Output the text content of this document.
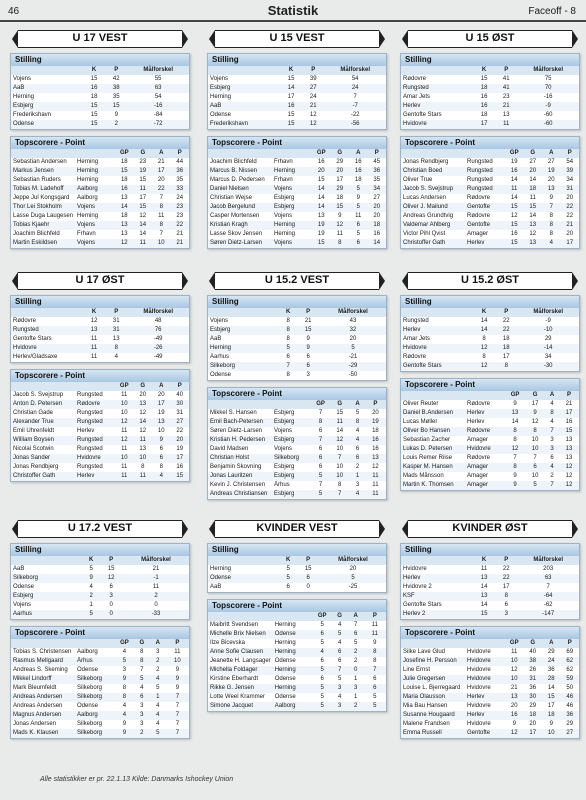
46	Statistik	Faceoff - 8
U 17 VEST
Stilling
	K	P	Målforskel
Vojens	15	42	55
AaB	16	38	63
Herning	18	35	54
Esbjerg	15	15	-16
Frederikshavn	15	9	-84
Odense	15	2	-72
Topscorere - Point
		GP	G	A	P
Sebastian Andersen	Herning	18	23	21	44
Markus Jensen	Herning	15	19	17	36
Sebastian Ruders	Herning	18	15	20	35
Tobias M. Ladehoff	Aalborg	16	11	22	33
Jeppe Jul Kongsgard	Aalborg	13	17	7	24
Thor Lei Stokholm	Vojens	14	15	8	23
Lasse Duga Laugesen	Herning	18	12	11	23
Tobias Kjaehr	Vojens	13	14	8	22
Joachim Blichfeld	Frhavn	13	14	7	21
Martin Eskildsen	Vojens	12	11	10	21
U 17 ØST
Stilling
	K	P	Målforskel
Rødovre	12	31	48
Rungsted	13	31	76
Gentofte Stars	11	13	-49
Hvidovre	11	8	-26
Herlev/Gladsaxe	11	4	-49
Topscorere - Point
		GP	G	A	P
Jacob S. Svejstrup	Rungsted	11	20	20	40
Anton D. Petersen	Rødovre	10	13	17	30
Christian Gade	Rungsted	10	12	19	31
Alexander True	Rungsted	12	14	13	27
Emil Uhrenfeldt	Herlev	11	12	10	22
William Boysen	Rungsted	12	11	9	20
Nicolai Scotwin	Rungsted	11	13	6	19
Jonas Sander	Hvidovre	10	10	6	17
Jonas Rendbjerg	Rungsted	11	8	8	16
Christoffer Gath	Herlev	11	11	4	15
U 17.2 VEST
Stilling
	K	P	Målforskel
AaB	5	15	21
Silkeborg	9	12	-1
Odense	4	6	11
Esbjerg	2	3	2
Vojens	1	0	0
Aarhus	5	0	-33
Topscorere - Point
		GP	G	A	P
Tobias S. Christensen	Aalborg	4	8	3	11
Rasmus Mellgaard	Århus	5	8	2	10
Andreas S. Skeming	Odense	3	7	2	9
Mikkel Lindorff	Silkeborg	9	5	4	9
Mark Bleumfeldt	Silkeborg	8	4	5	9
Andreas Andersen	Silkeborg	8	6	1	7
Andreas Andersen	Odense	4	3	4	7
Magnus Andersen	Aalborg	4	3	4	7
Jonas Andersen	Silkeborg	9	3	4	7
Mads K. Klausen	Silkeborg	9	2	5	7
U 15 VEST
Stilling
	K	P	Målforskel
Vojens	15	39	54
Esbjerg	14	27	24
Herning	17	24	7
AaB	16	21	-7
Odense	15	12	-22
Frederikshavn	15	12	-56
Topscorere - Point
		GP	G	A	P
Joachim Blichfeld	Frhavn	16	29	16	45
Marcus B. Nissen	Herning	20	20	16	36
Marcus D. Pedersen	Frhavn	15	17	18	35
Daniel Nielsen	Vojens	14	29	5	34
Christian Wejse	Esbjerg	14	18	9	27
Jacob Bergelund	Esbjerg	14	15	5	20
Casper Mortensen	Vojens	13	9	11	20
Kristian Kragh	Herning	19	12	6	18
Lasse Skov Jensen	Herning	19	11	5	16
Søren Dietz-Larsen	Vojens	15	8	6	14
U 15.2 VEST
Stilling
	K	P	Målforskel
Vojens	8	21	43
Esbjerg	8	15	32
AaB	8	9	20
Herning	5	9	5
Aarhus	6	6	-21
Silkeborg	7	6	-29
Odense	8	3	-50
Topscorere - Point
		GP	G	A	P
Mikkel S. Hansen	Esbjerg	7	15	5	20
Emil Bach-Petersen	Esbjerg	8	11	8	19
Søren Dietz-Larsen	Vojens	6	14	4	18
Kristian H. Pedersen	Esbjerg	7	12	4	16
David Madsen	Vojens	6	10	6	16
Christian Holst	Silkeborg	6	7	6	13
Benjamin Skovning	Esbjerg	6	10	2	12
Jonas Lauritzen	Esbjerg	5	10	1	11
Kevin J. Christensen	Århus	7	8	3	11
Andreas Christiansen	Esbjerg	5	7	4	11
KVINDER VEST
Stilling
	K	P	Målforskel
Herning	5	15	20
Odense	5	6	5
AaB	6	0	-25
Topscorere - Point
		GP	G	A	P
Maibritt Svendsen	Herning	5	4	7	11
Michelle Brix Nielsen	Odense	6	5	6	11
Ilze Bicevska	Herning	5	4	5	9
Anne Sofie Clausen	Herning	4	6	2	8
Jeanette H. Langsager	Odense	6	6	2	8
Michella Foldager	Herning	5	7	0	7
Kirstine Eberhardt	Odense	6	5	1	6
Rikke G. Jensen	Herning	5	3	3	6
Lotte Weel Krammer	Odense	5	4	1	5
Simone Jacquet	Aalborg	5	3	2	5
U 15 ØST
Stilling
	K	P	Målforskel
Rødovre	15	41	75
Rungsted	18	41	70
Amar Jets	16	23	-16
Herlev	16	21	-9
Gentofte Stars	18	13	-60
Hvidovre	17	11	-60
Topscorere - Point
		GP	G	A	P
Jonas Rendbjerg	Rungsted	19	27	27	54
Christian Boed	Rungsted	16	20	19	39
Oliver True	Rungsted	14	14	20	34
Jacob S. Svejstrup	Rungsted	11	18	13	31
Lucas Andersen	Rødovre	14	11	9	20
Oliver J. Mailund	Gentofte	15	15	7	22
Andreas Grundtvig	Rødovre	12	14	8	22
Valdemar Ahlberg	Gentofte	15	13	8	21
Victor Pihl Qvist	Amager	16	12	8	20
Christoffer Gath	Herlev	15	13	4	17
U 15.2 ØST
Stilling
	K	P	Målforskel
Rungsted	14	22	-9
Herlev	14	22	-10
Amar Jets	8	18	29
Hvidovre	12	18	-14
Rødovre	8	17	34
Gentofte Stars	12	8	-30
Topscorere - Point
		GP	G	A	P
Oliver Reuter	Rødovre	9	17	4	21
Daniel B.Andersen	Herlev	13	9	8	17
Lucas Møller	Herlev	14	12	4	16
Oliver Bo Hansen	Rødovre	8	8	7	15
Sebastian Zacher	Amager	8	10	3	13
Lukas D. Petersen	Hvidovre	12	10	3	13
Louis Remer Riise	Rødovre	7	7	6	13
Kasper M. Hansen	Amager	8	6	4	12
Mads Månsson	Amager	9	10	2	12
Martin K. Thomsen	Amager	9	5	7	12
KVINDER ØST
Stilling
	K	P	Målforskel
Hvidovre	11	22	203
Herlev	13	22	63
Hvidovre 2	14	17	7
KSF	13	8	-64
Gentofte Stars	14	6	-62
Herlev 2	15	3	-147
Topscorere - Point
		GP	G	A	P
Silke Lave Glud	Hvidovre	11	40	29	69
Josefine H. Persson	Hvidovre	10	38	24	62
Line Ernst	Hvidovre	12	26	36	62
Julie Gregersen	Hvidovre	10	31	28	59
Louise L. Bjerregaard	Hvidovre	21	36	14	50
Maria Olausson	Herlev	13	30	15	46
Mia Bau Hansen	Hvidovre	20	29	17	46
Susanne Hougaard	Herlev	16	18	18	36
Malene Frandsen	Hvidovre	9	20	9	29
Emma Russell	Gentofte	12	17	10	27
Alle statistikker er pr. 22.1.13 Kilde: Danmarks Ishockey Union
